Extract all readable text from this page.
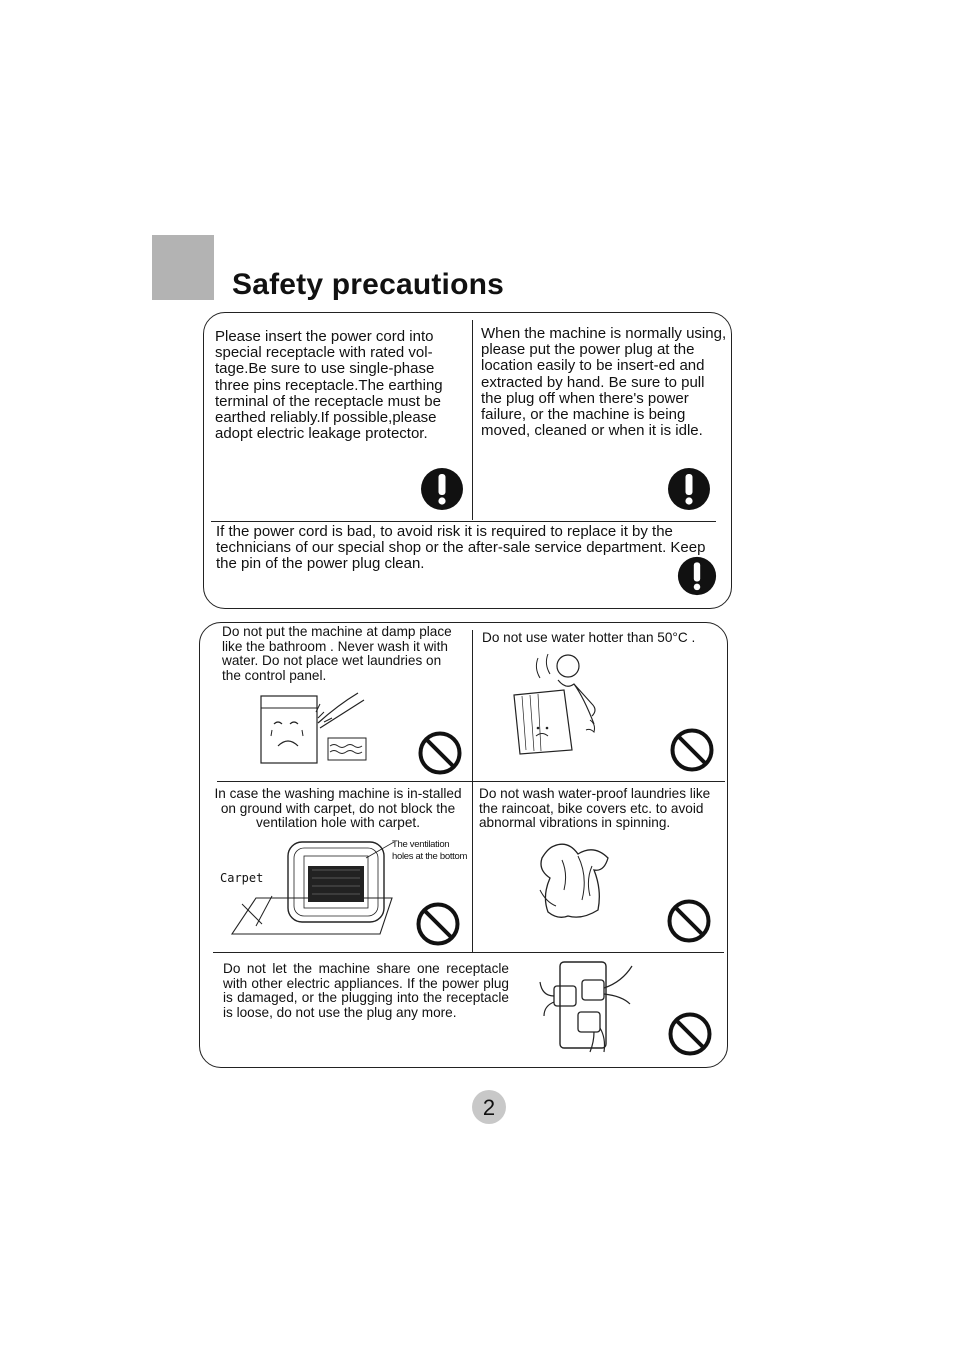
Safety precautions
Please insert the power cord into special receptacle with rated vol-tage.Be sure to use single-phase three pins receptacle.The earthing terminal of the receptacle must be earthed reliably.If possible,please adopt electric leakage protector.
When the machine is normally using, please put the power plug at the location easily to be insert-ed and extracted by hand. Be sure to pull the plug off when there's power failure, or the machine is being moved, cleaned or when it is idle.
If the power cord is bad, to avoid risk it is required to replace it by the technicians of our special shop or the after-sale service department. Keep the pin of the power plug clean.
Do not put the machine at damp place like the bathroom . Never wash it with water. Do not place wet laundries on the control panel.
Do not use water hotter than 50°C .
In case the washing machine is in-stalled on ground with carpet, do not block the ventilation hole with carpet.
Carpet
The ventilation holes at the bottom
Do not wash water-proof laundries like the raincoat, bike covers etc. to avoid abnormal vibrations in spinning.
Do not let the machine share one receptacle with other electric appliances. If the power plug is damaged, or the plugging into the receptacle is loose, do not use the plug any more.
2
